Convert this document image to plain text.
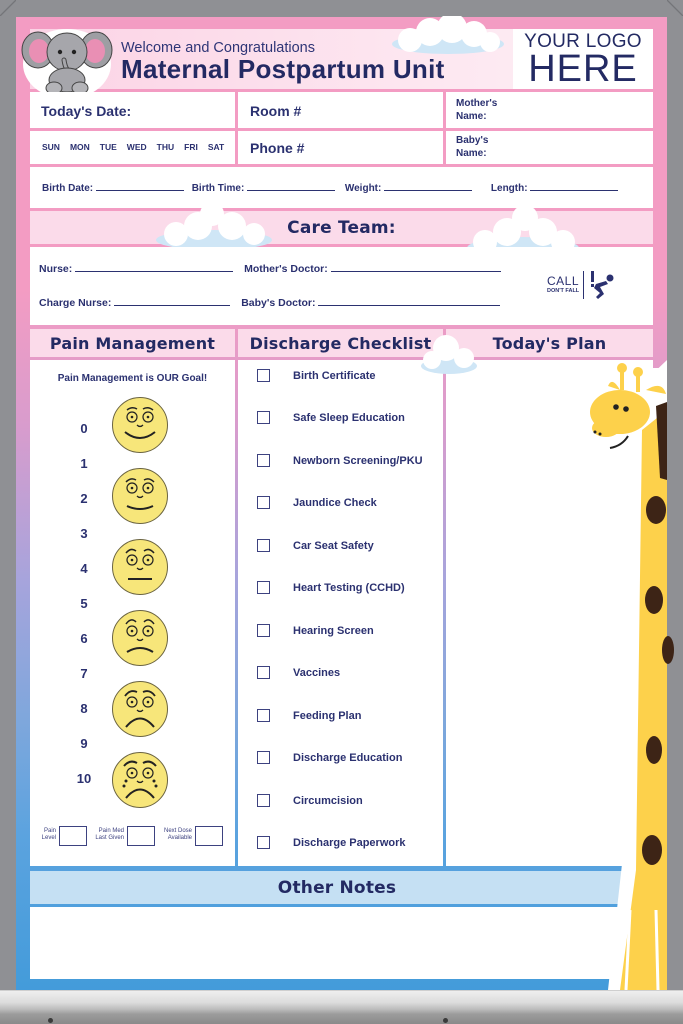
YOUR LOGO
HERE
Welcome and Congratulations
Maternal Postpartum Unit
Today's Date:	Room #	Mother's
Name:
SUN MON TUE WED THU FRI SAT Phone #	Baby's
Name:
Birth Date:	Birth Time:	Weight:	Length:
Care Team:
Nurse:	Mother's Doctor:
Charge Nurse:	Baby's Doctor:
CALL
DON'T FALL
Pain Management	Discharge Checklist	Today's Plan
Pain Management is OUR Goal!
0
1
2
3
4
5
6
7
8
9
10
Pain
Level
Pain Med
Last Given
Next Dose
Available
Birth Certificate
Safe Sleep Education
Newborn Screening/PKU
Jaundice Check
Car Seat Safety
Heart Testing (CCHD)
Hearing Screen
Vaccines
Feeding Plan
Discharge Education
Circumcision
Discharge Paperwork
Other Notes
